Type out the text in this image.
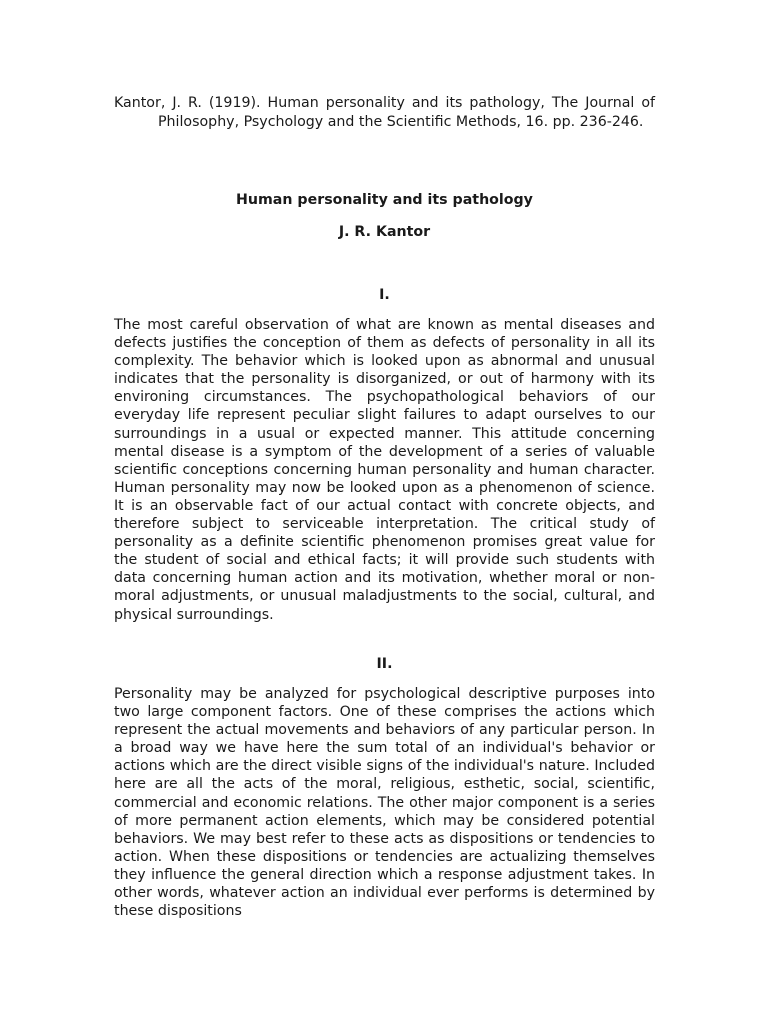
Kantor, J. R. (1919). Human personality and its pathology, The Journal of Philosophy, Psychology and the Scientific Methods, 16. pp. 236-246.
Human personality and its pathology
J. R. Kantor
I.
The most careful observation of what are known as mental diseases and defects justifies the conception of them as defects of personality in all its complexity. The behavior which is looked upon as abnormal and unusual indicates that the personality is disorganized, or out of harmony with its environing circumstances. The psychopathological behaviors of our everyday life represent peculiar slight failures to adapt ourselves to our surroundings in a usual or expected manner. This attitude concerning mental disease is a symptom of the development of a series of valuable scientific conceptions concerning human personality and human character. Human personality may now be looked upon as a phenomenon of science. It is an observable fact of our actual contact with concrete objects, and therefore subject to serviceable interpretation. The critical study of personality as a definite scientific phenomenon promises great value for the student of social and ethical facts; it will provide such students with data concerning human action and its motivation, whether moral or non-moral adjustments, or unusual maladjustments to the social, cultural, and physical surroundings.
II.
Personality may be analyzed for psychological descriptive purposes into two large component factors. One of these comprises the actions which represent the actual movements and behaviors of any particular person. In a broad way we have here the sum total of an individual's behavior or actions which are the direct visible signs of the individual's nature. Included here are all the acts of the moral, religious, esthetic, social, scientific, commercial and economic relations. The other major component is a series of more permanent action elements, which may be considered potential behaviors. We may best refer to these acts as dispositions or tendencies to action. When these dispositions or tendencies are actualizing themselves they influence the general direction which a response adjustment takes. In other words, whatever action an individual ever performs is determined by these dispositions
